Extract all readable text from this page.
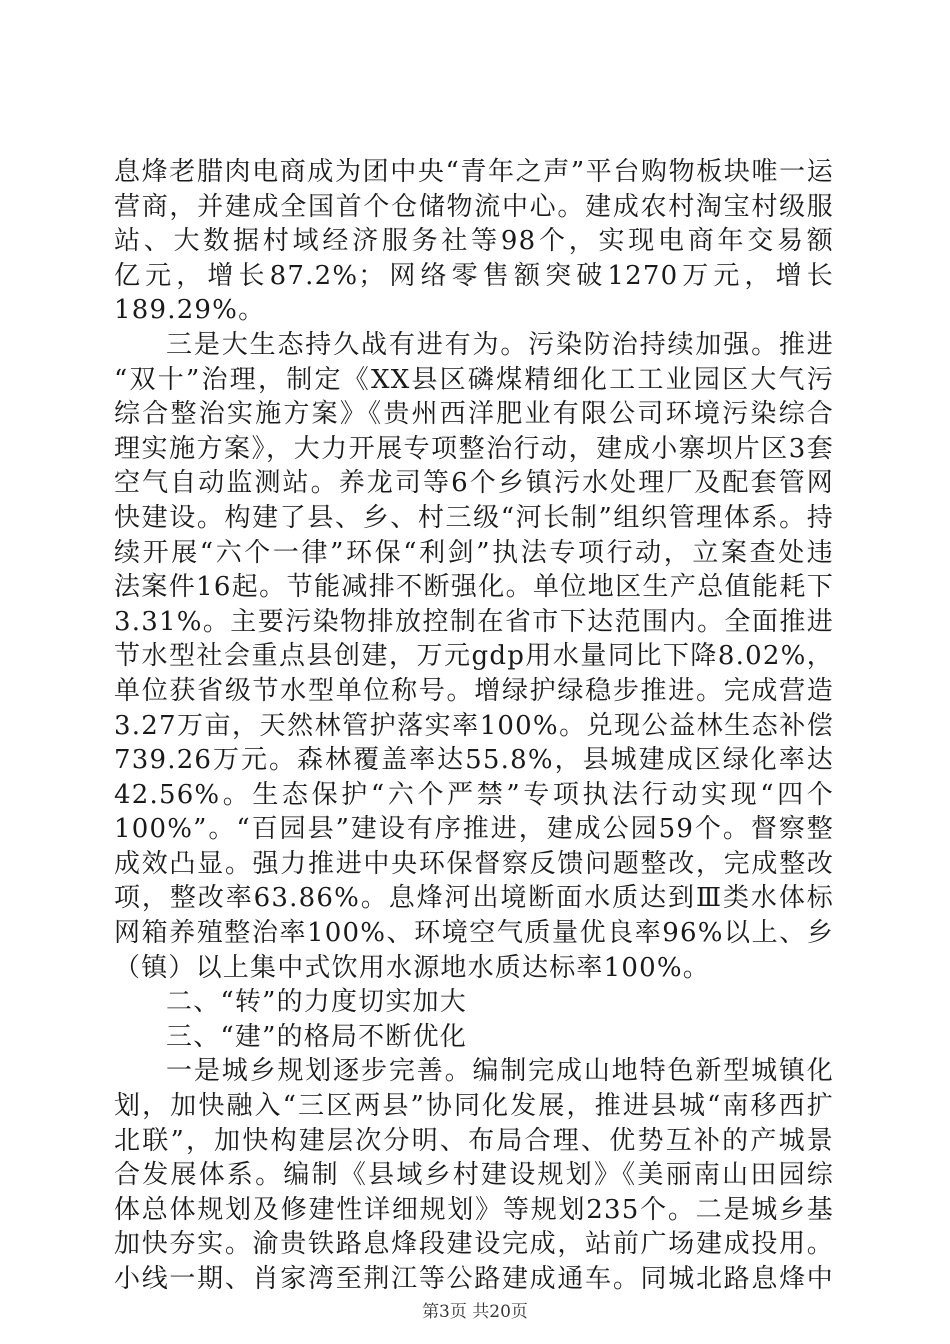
息烽老腊肉电商成为团中央“青年之声”平台购物板块唯一运
营商，并建成全国首个仓储物流中心。建成农村淘宝村级服
站、大数据村域经济服务社等98个，实现电商年交易额
亿元，增长87.2%；网络零售额突破1270万元，增长
189.29%。
三是大生态持久战有进有为。污染防治持续加强。推进
“双十”治理，制定《XX县区磷煤精细化工工业园区大气污
综合整治实施方案》《贵州西洋肥业有限公司环境污染综合
理实施方案》，大力开展专项整治行动，建成小寨坝片区3套
空气自动监测站。养龙司等6个乡镇污水处理厂及配套管网
快建设。构建了县、乡、村三级“河长制”组织管理体系。持
续开展“六个一律”环保“利剑”执法专项行动，立案查处违
法案件16起。节能减排不断强化。单位地区生产总值能耗下
3.31%。主要污染物排放控制在省市下达范围内。全面推进
节水型社会重点县创建，万元gdp用水量同比下降8.02%，
单位获省级节水型单位称号。增绿护绿稳步推进。完成营造
3.27万亩，天然林管护落实率100%。兑现公益林生态补偿
739.26万元。森林覆盖率达55.8%，县城建成区绿化率达
42.56%。生态保护“六个严禁”专项执法行动实现“四个
100%”。“百园县”建设有序推进，建成公园59个。督察整
成效凸显。强力推进中央环保督察反馈问题整改，完成整改
项，整改率63.86%。息烽河出境断面水质达到Ⅲ类水体标
网箱养殖整治率100%、环境空气质量优良率96%以上、乡
（镇）以上集中式饮用水源地水质达标率100%。
二、“转”的力度切实加大
三、“建”的格局不断优化
一是城乡规划逐步完善。编制完成山地特色新型城镇化
划，加快融入“三区两县”协同化发展，推进县城“南移西扩
北联”，加快构建层次分明、布局合理、优势互补的产城景
合发展体系。编制《县域乡村建设规划》《美丽南山田园综
体总体规划及修建性详细规划》等规划235个。二是城乡基
加快夯实。渝贵铁路息烽段建设完成，站前广场建成投用。
小线一期、肖家湾至荆江等公路建成通车。同城北路息烽中
第3页 共20页
